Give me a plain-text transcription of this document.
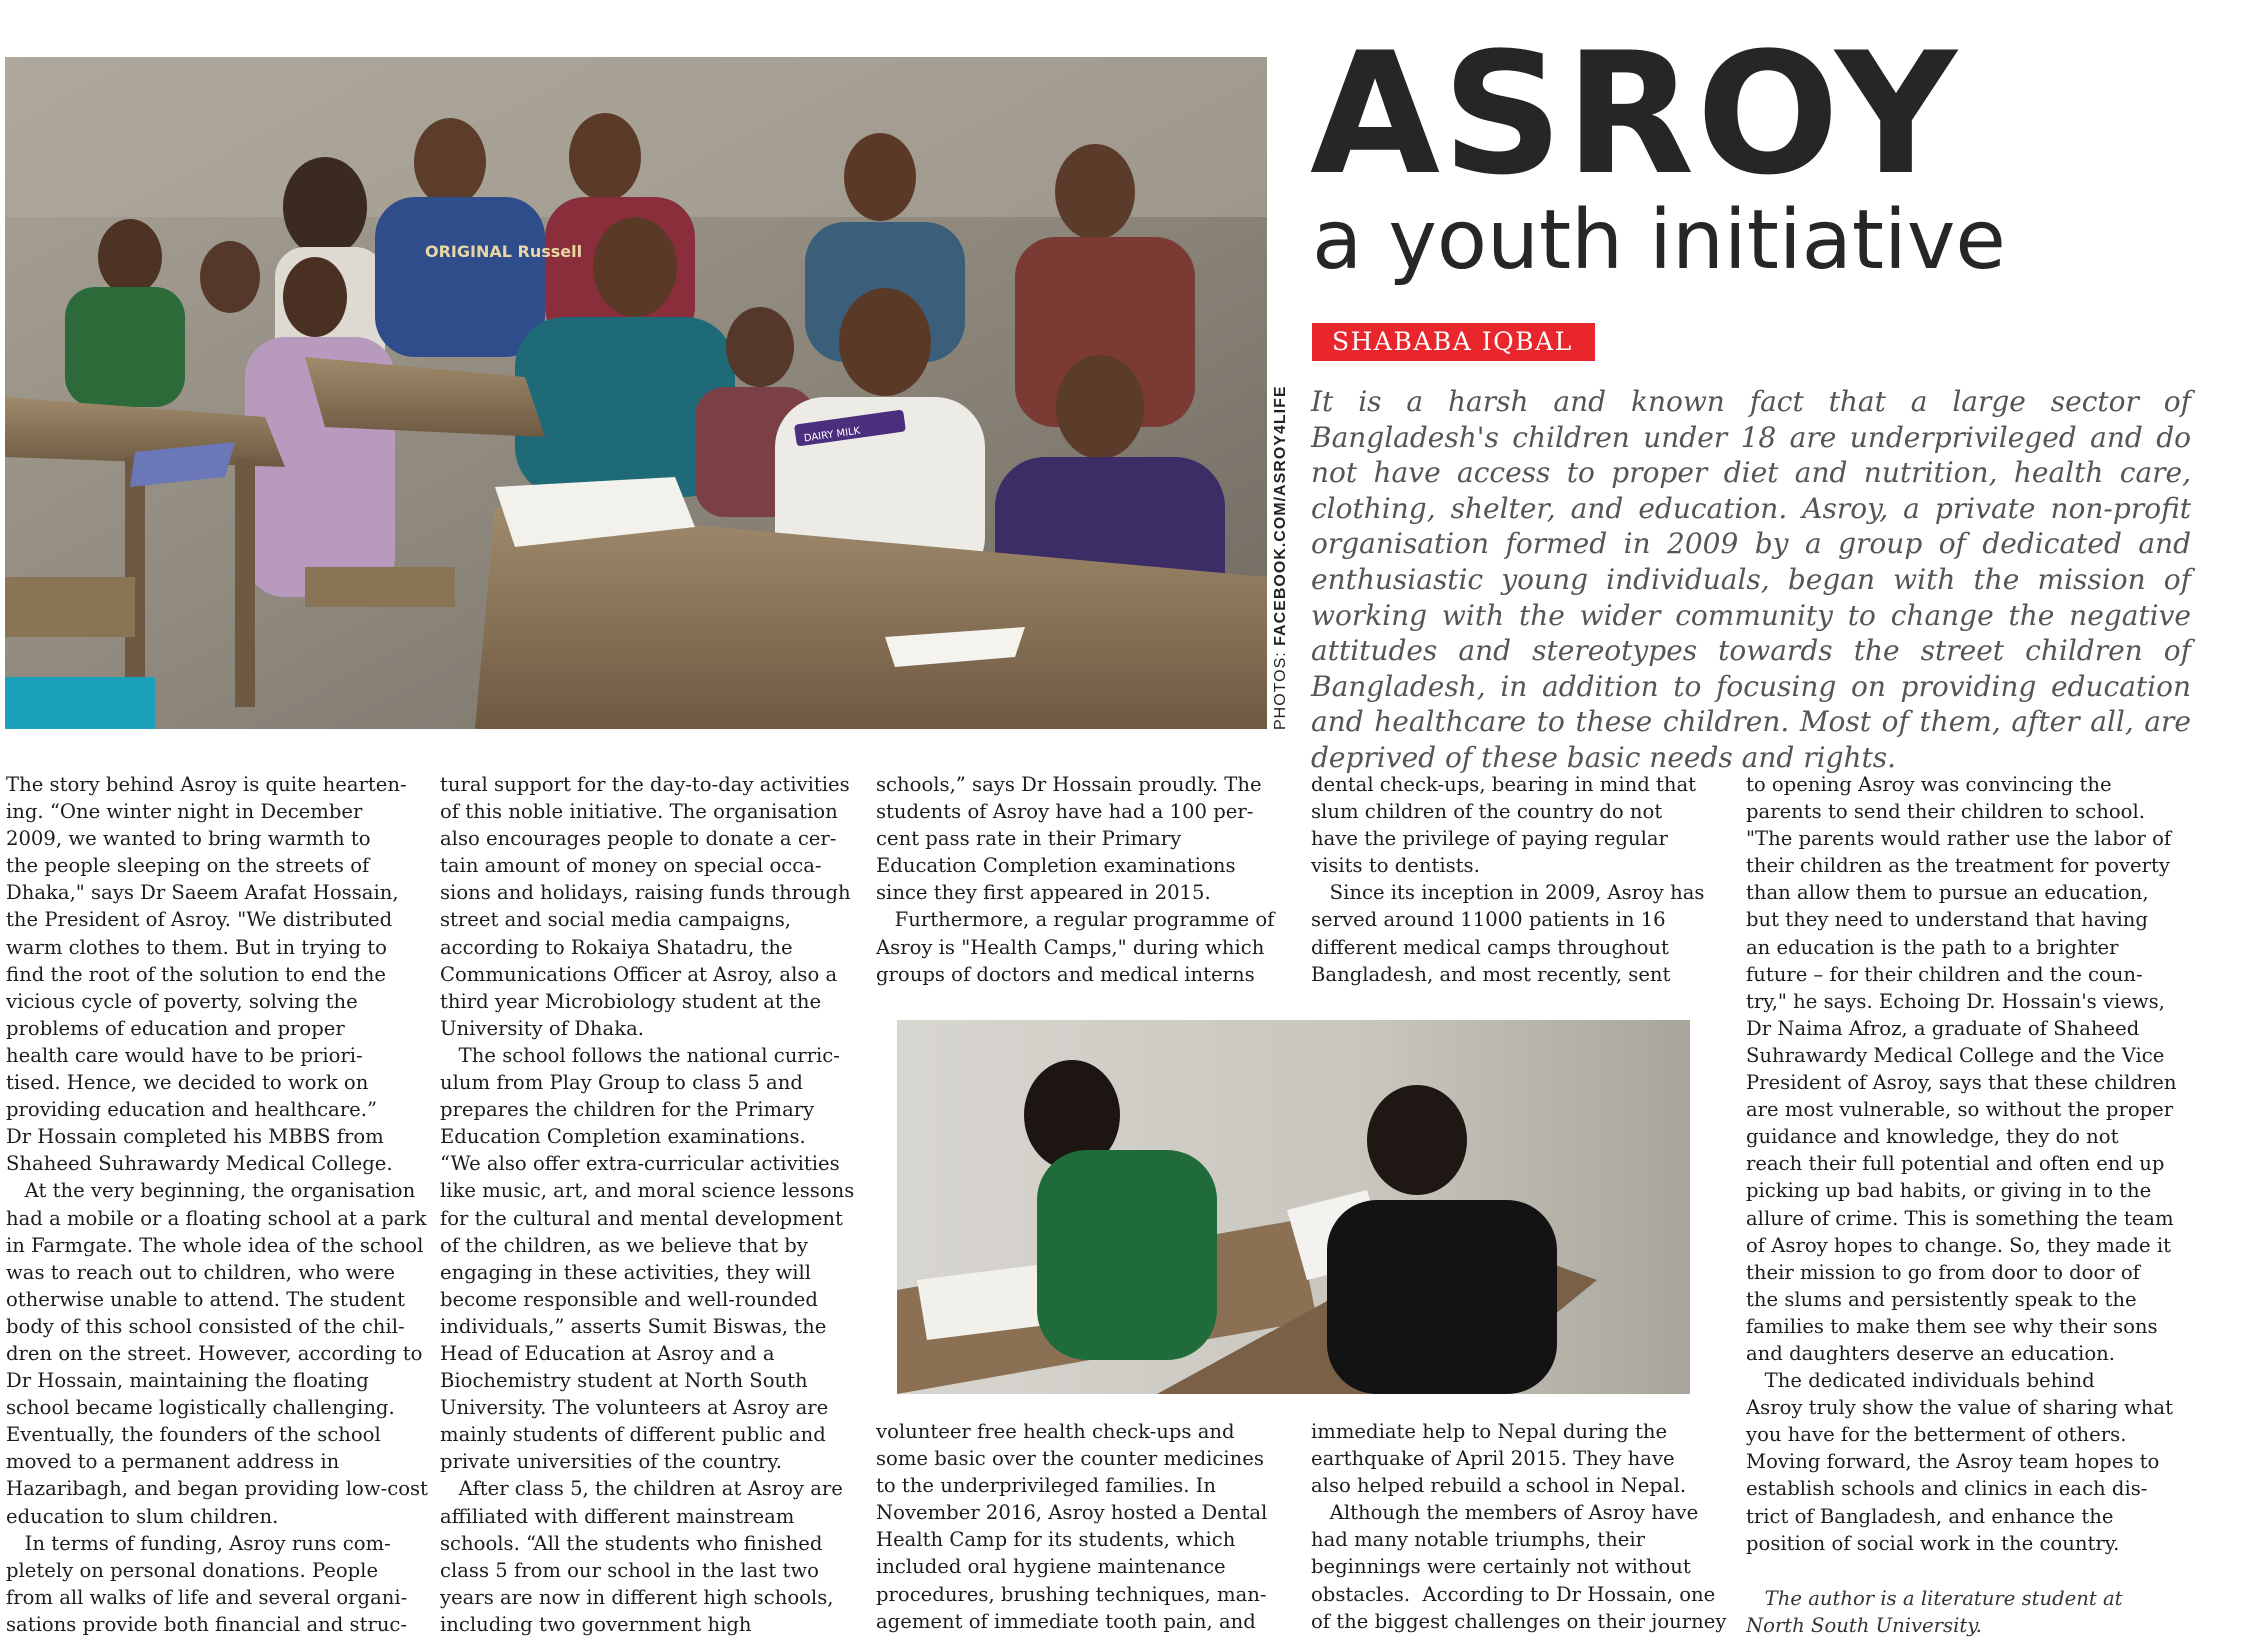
DAIRY MILK
ORIGINAL Russell
PHOTOS: FACEBOOK.COM/ASROY4LIFE
ASROY
a youth initiative
SHABABA IQBAL

It is a harsh and known fact that a large sector of Bangladesh's children under 18 are underprivileged and do not have access to proper diet and nutrition, health care, clothing, shelter, and education. Asroy, a private non-profit organisation formed in 2009 by a group of dedicated and enthusiastic young individuals, began with the mission of working with the wider community to change the negative attitudes and stereotypes towards the street children of Bangladesh, in addition to focusing on providing education and healthcare to these children. Most of them, after all, are deprived of these basic needs and rights.

The story behind Asroy is quite hearten-
ing. “One winter night in December
2009, we wanted to bring warmth to
the people sleeping on the streets of
Dhaka," says Dr Saeem Arafat Hossain,
the President of Asroy. "We distributed
warm clothes to them. But in trying to
find the root of the solution to end the
vicious cycle of poverty, solving the
problems of education and proper
health care would have to be priori-
tised. Hence, we decided to work on
providing education and healthcare.”
Dr Hossain completed his MBBS from
Shaheed Suhrawardy Medical College.
At the very beginning, the organisation
had a mobile or a floating school at a park
in Farmgate. The whole idea of the school
was to reach out to children, who were
otherwise unable to attend. The student
body of this school consisted of the chil-
dren on the street. However, according to
Dr Hossain, maintaining the floating
school became logistically challenging.
Eventually, the founders of the school
moved to a permanent address in
Hazaribagh, and began providing low-cost
education to slum children.
In terms of funding, Asroy runs com-
pletely on personal donations. People
from all walks of life and several organi-
sations provide both financial and struc-
tural support for the day-to-day activities
of this noble initiative. The organisation
also encourages people to donate a cer-
tain amount of money on special occa-
sions and holidays, raising funds through
street and social media campaigns,
according to Rokaiya Shatadru, the
Communications Officer at Asroy, also a
third year Microbiology student at the
University of Dhaka.
The school follows the national curric-
ulum from Play Group to class 5 and
prepares the children for the Primary
Education Completion examinations.
“We also offer extra-curricular activities
like music, art, and moral science lessons
for the cultural and mental development
of the children, as we believe that by
engaging in these activities, they will
become responsible and well-rounded
individuals,” asserts Sumit Biswas, the
Head of Education at Asroy and a
Biochemistry student at North South
University. The volunteers at Asroy are
mainly students of different public and
private universities of the country.
After class 5, the children at Asroy are
affiliated with different mainstream
schools. “All the students who finished
class 5 from our school in the last two
years are now in different high schools,
including two government high
schools,” says Dr Hossain proudly. The
students of Asroy have had a 100 per-
cent pass rate in their Primary
Education Completion examinations
since they first appeared in 2015.
Furthermore, a regular programme of
Asroy is "Health Camps," during which
groups of doctors and medical interns
dental check-ups, bearing in mind that
slum children of the country do not
have the privilege of paying regular
visits to dentists.
Since its inception in 2009, Asroy has
served around 11000 patients in 16
different medical camps throughout
Bangladesh, and most recently, sent
volunteer free health check-ups and
some basic over the counter medicines
to the underprivileged families. In
November 2016, Asroy hosted a Dental
Health Camp for its students, which
included oral hygiene maintenance
procedures, brushing techniques, man-
agement of immediate tooth pain, and
immediate help to Nepal during the
earthquake of April 2015. They have
also helped rebuild a school in Nepal.
Although the members of Asroy have
had many notable triumphs, their
beginnings were certainly not without
obstacles.  According to Dr Hossain, one
of the biggest challenges on their journey
to opening Asroy was convincing the
parents to send their children to school.
"The parents would rather use the labor of
their children as the treatment for poverty
than allow them to pursue an education,
but they need to understand that having
an education is the path to a brighter
future – for their children and the coun-
try," he says. Echoing Dr. Hossain's views,
Dr Naima Afroz, a graduate of Shaheed
Suhrawardy Medical College and the Vice
President of Asroy, says that these children
are most vulnerable, so without the proper
guidance and knowledge, they do not
reach their full potential and often end up
picking up bad habits, or giving in to the
allure of crime. This is something the team
of Asroy hopes to change. So, they made it
their mission to go from door to door of
the slums and persistently speak to the
families to make them see why their sons
and daughters deserve an education.
The dedicated individuals behind
Asroy truly show the value of sharing what
you have for the betterment of others.
Moving forward, the Asroy team hopes to
establish schools and clinics in each dis-
trict of Bangladesh, and enhance the
position of social work in the country.
The author is a literature student at
North South University.
